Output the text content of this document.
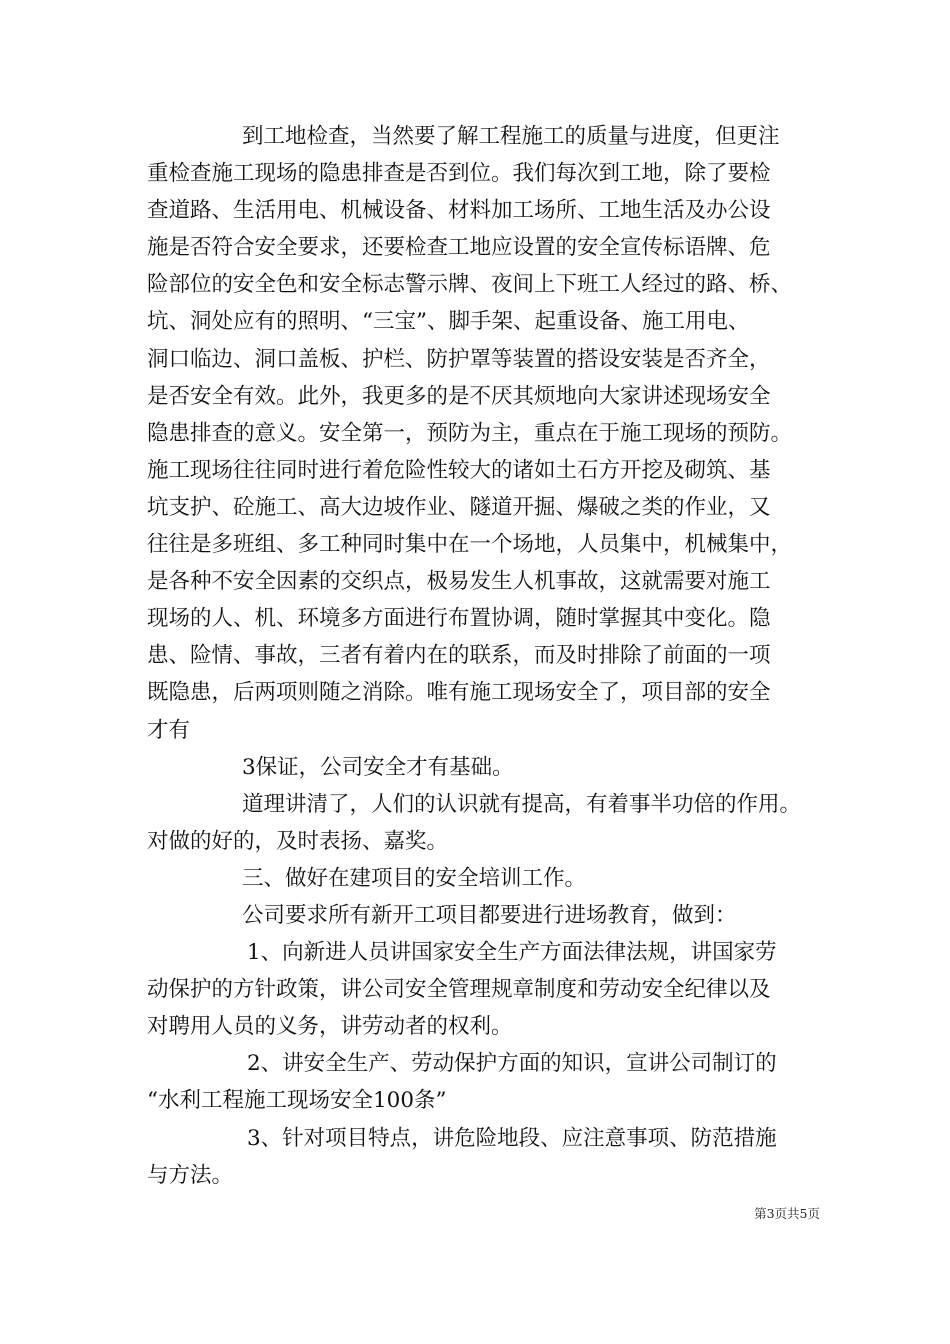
到工地检查，当然要了解工程施工的质量与进度，但更注
重检查施工现场的隐患排查是否到位。我们每次到工地，除了要检
查道路、生活用电、机械设备、材料加工场所、工地生活及办公设
施是否符合安全要求，还要检查工地应设置的安全宣传标语牌、危
险部位的安全色和安全标志警示牌、夜间上下班工人经过的路、桥、
坑、洞处应有的照明、“三宝”、脚手架、起重设备、施工用电、
洞口临边、洞口盖板、护栏、防护罩等装置的搭设安装是否齐全，
是否安全有效。此外，我更多的是不厌其烦地向大家讲述现场安全
隐患排查的意义。安全第一，预防为主，重点在于施工现场的预防。
施工现场往往同时进行着危险性较大的诸如土石方开挖及砌筑、基
坑支护、砼施工、高大边坡作业、隧道开掘、爆破之类的作业，又
往往是多班组、多工种同时集中在一个场地，人员集中，机械集中，
是各种不安全因素的交织点，极易发生人机事故，这就需要对施工
现场的人、机、环境多方面进行布置协调，随时掌握其中变化。隐
患、险情、事故，三者有着内在的联系，而及时排除了前面的一项
既隐患，后两项则随之消除。唯有施工现场安全了，项目部的安全
才有
3保证，公司安全才有基础。
道理讲清了，人们的认识就有提高，有着事半功倍的作用。
对做的好的，及时表扬、嘉奖。
三、做好在建项目的安全培训工作。
公司要求所有新开工项目都要进行进场教育，做到：
1、向新进人员讲国家安全生产方面法律法规，讲国家劳
动保护的方针政策，讲公司安全管理规章制度和劳动安全纪律以及
对聘用人员的义务，讲劳动者的权利。
2、讲安全生产、劳动保护方面的知识，宣讲公司制订的
“水利工程施工现场安全100条”
3、针对项目特点，讲危险地段、应注意事项、防范措施
与方法。
第3页共5页
